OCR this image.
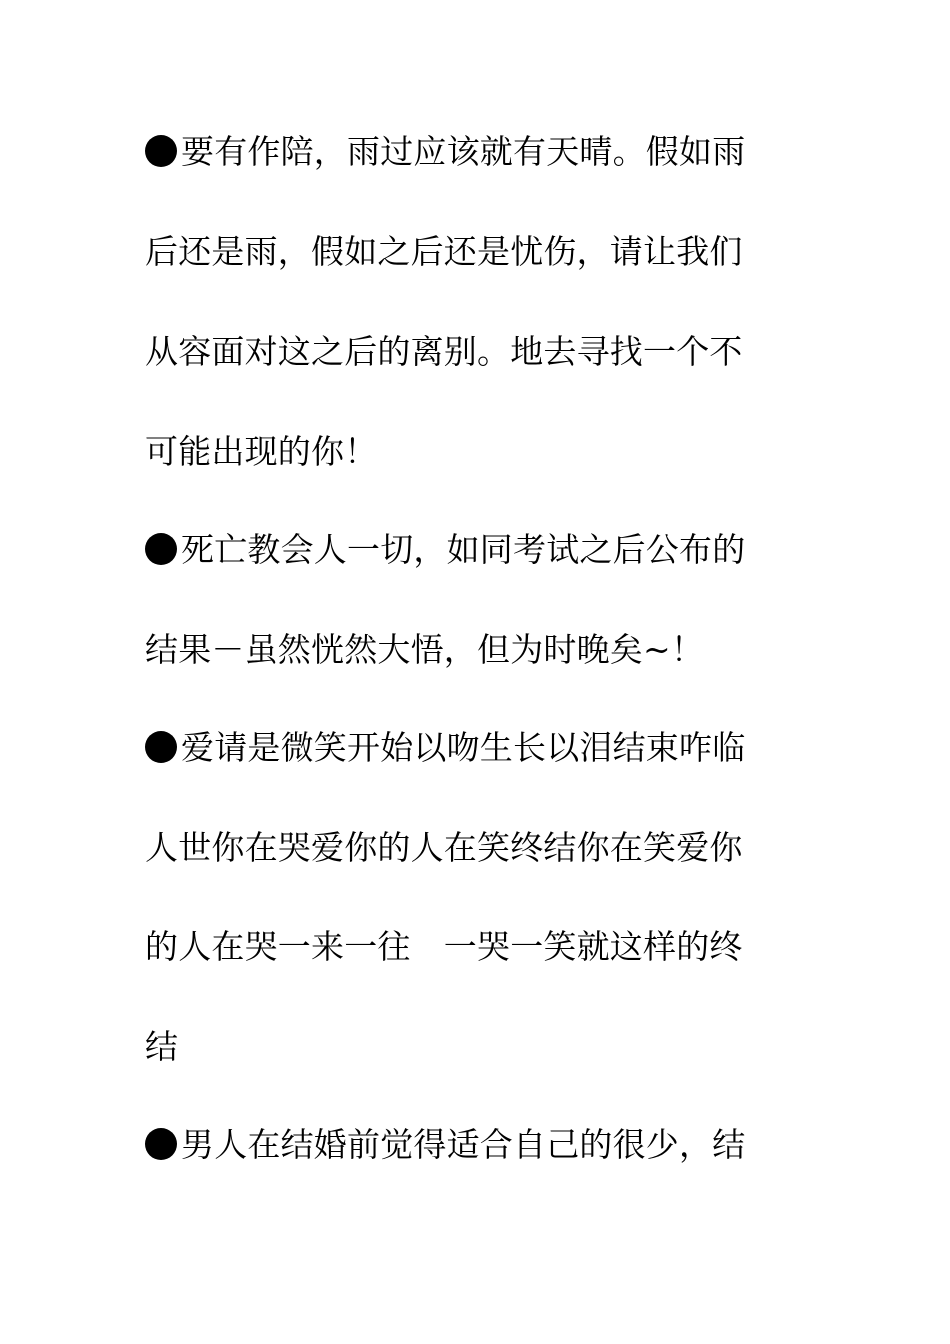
要有作陪，雨过应该就有天晴。假如雨
后还是雨，假如之后还是忧伤，请让我们
从容面对这之后的离别。地去寻找一个不
可能出现的你！
死亡教会人一切，如同考试之后公布的
结果－虽然恍然大悟，但为时晚矣~！
爱请是微笑开始以吻生长以泪结束咋临
人世你在哭爱你的人在笑终结你在笑爱你
的人在哭一来一往　一哭一笑就这样的终
结
男人在结婚前觉得适合自己的很少，结
